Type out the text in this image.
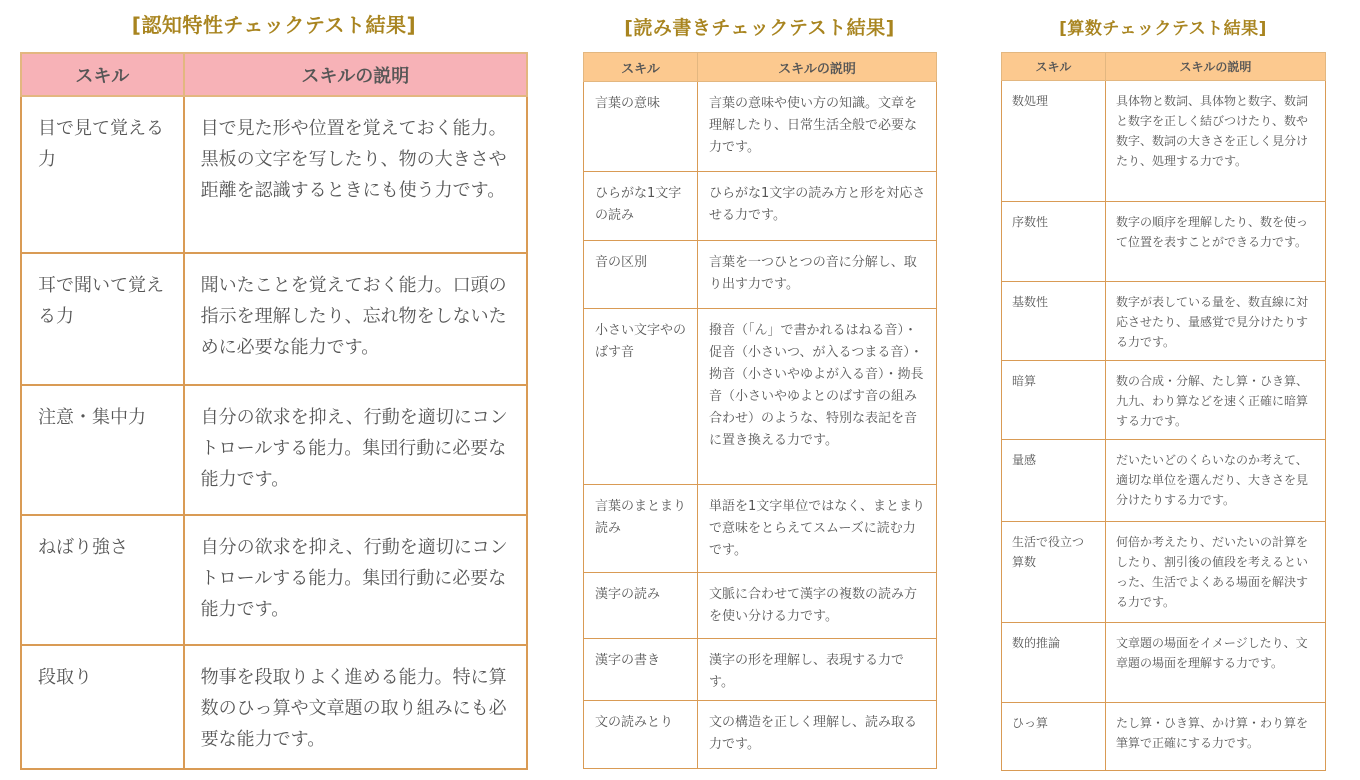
[認知特性チェックテスト結果]
スキル	スキルの説明
目で見て覚える力	目で見た形や位置を覚えておく能力。黒板の文字を写したり、物の大きさや距離を認識するときにも使う力です。
耳で聞いて覚える力	聞いたことを覚えておく能力。口頭の指示を理解したり、忘れ物をしないために必要な能力です。
注意・集中力	自分の欲求を抑え、行動を適切にコントロールする能力。集団行動に必要な能力です。
ねばり強さ	自分の欲求を抑え、行動を適切にコントロールする能力。集団行動に必要な能力です。
段取り	物事を段取りよく進める能力。特に算数のひっ算や文章題の取り組みにも必要な能力です。
[読み書きチェックテスト結果]
スキル	スキルの説明
言葉の意味	言葉の意味や使い方の知識。文章を理解したり、日常生活全般で必要な力です。
ひらがな1文字の読み	ひらがな1文字の読み方と形を対応させる力です。
音の区別	言葉を一つひとつの音に分解し、取り出す力です。
小さい文字やのばす音	撥音（「ん」で書かれるはねる音）・促音（小さいつ、が入るつまる音）・拗音（小さいやゆよが入る音）・拗長音（小さいやゆよとのばす音の組み合わせ）のような、特別な表記を音に置き換える力です。
言葉のまとまり読み	単語を1文字単位ではなく、まとまりで意味をとらえてスムーズに読む力です。
漢字の読み	文脈に合わせて漢字の複数の読み方を使い分ける力です。
漢字の書き	漢字の形を理解し、表現する力です。
文の読みとり	文の構造を正しく理解し、読み取る力です。
[算数チェックテスト結果]
スキル	スキルの説明
数処理	具体物と数詞、具体物と数字、数詞と数字を正しく結びつけたり、数や数字、数詞の大きさを正しく見分けたり、処理する力です。
序数性	数字の順序を理解したり、数を使って位置を表すことができる力です。
基数性	数字が表している量を、数直線に対応させたり、量感覚で見分けたりする力です。
暗算	数の合成・分解、たし算・ひき算、九九、わり算などを速く正確に暗算する力です。
量感	だいたいどのくらいなのか考えて、適切な単位を選んだり、大きさを見分けたりする力です。
生活で役立つ算数	何倍か考えたり、だいたいの計算をしたり、割引後の値段を考えるといった、生活でよくある場面を解決する力です。
数的推論	文章題の場面をイメージしたり、文章題の場面を理解する力です。
ひっ算	たし算・ひき算、かけ算・わり算を筆算で正確にする力です。
